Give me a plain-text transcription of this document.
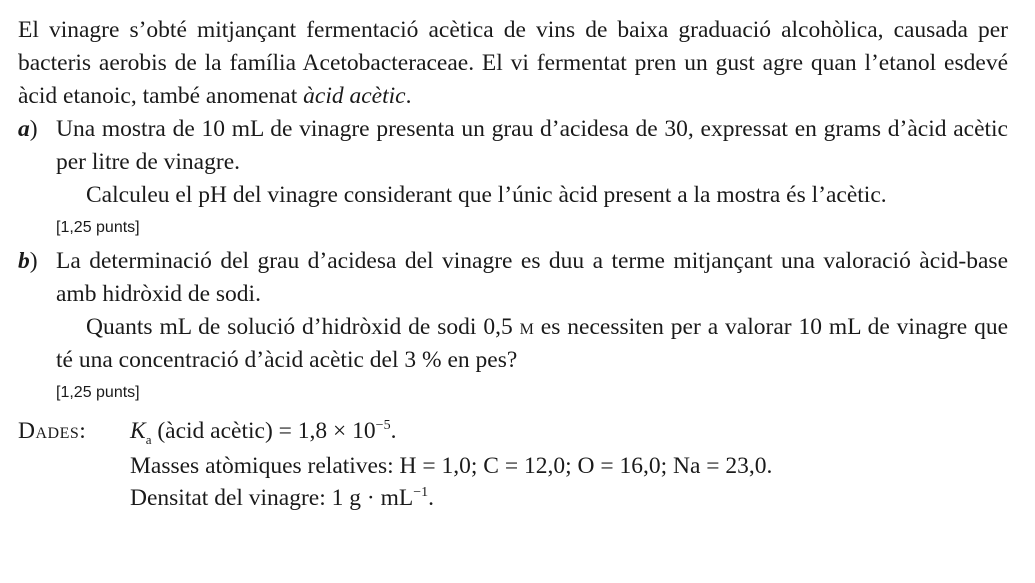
El vinagre s’obté mitjançant fermentació acètica de vins de baixa graduació alcohòlica, causada per bacteris aerobis de la família Acetobacteraceae. El vi fermentat pren un gust agre quan l’etanol esdevé àcid etanoic, també anomenat àcid acètic.
a) Una mostra de 10 mL de vinagre presenta un grau d’acidesa de 30, expressat en grams d’àcid acètic per litre de vinagre.

Calculeu el pH del vinagre considerant que l’únic àcid present a la mostra és l’acètic.

[1,25 punts]
b) La determinació del grau d’acidesa del vinagre es duu a terme mitjançant una valoració àcid-base amb hidròxid de sodi.

Quants mL de solució d’hidròxid de sodi 0,5 m es necessiten per a valorar 10 mL de vinagre que té una concentració d’àcid acètic del 3 % en pes?

[1,25 punts]
Dades: $K_a$ (àcid acètic) = $1,8 \times 10^{-5}$.
Masses atòmiques relatives: H = 1,0; C = 12,0; O = 16,0; Na = 23,0.
Densitat del vinagre: 1 $g \cdot mL^{-1}$.
